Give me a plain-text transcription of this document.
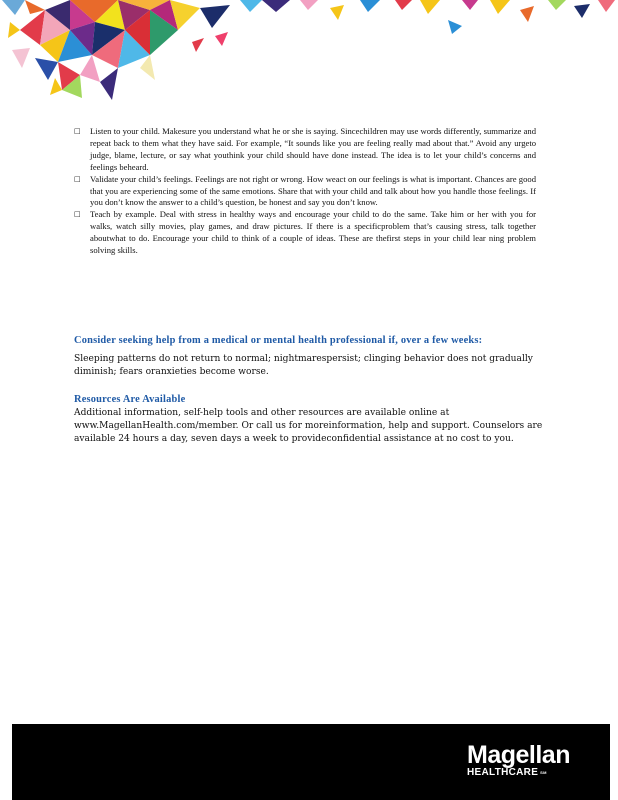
□	Listen to your child. Makesure you understand what he or she is saying. Sincechildren may use words differently, summarize and repeat back to them what they have said. For example, “It sounds like you are feeling really mad about that.” Avoid any urgeto judge, blame, lecture, or say what youthink your child should have done instead. The idea is to let your child’s concerns and feelings beheard.
□	Validate your child’s feelings. Feelings are not right or wrong. How weact on our feelings is what is important. Chances are good that you are experiencing some of the same emotions. Share that with your child and talk about how you handle those feelings. If you don’t know the answer to a child’s question, be honest and say you don’t know.
□	Teach by example. Deal with stress in healthy ways and encourage your child to do the same. Take him or her with you for walks, watch silly movies, play games, and draw pictures. If there is a specificproblem that’s causing stress, talk together aboutwhat to do. Encourage your child to think of a couple of ideas. These are thefirst steps in your child lear ning problem solving skills.
Consider seeking help from a medical or mental health professional if, over a few weeks:
Sleeping patterns do not return to normal; nightmarespersist; clinging behavior does not gradually diminish; fears oranxieties become worse.
Resources Are Available
Additional information, self-help tools and other resources are available online at www.MagellanHealth.com/member. Or call us for moreinformation, help and support. Counselors are available 24 hours a day, seven days a week to provideconfidential assistance at no cost to you.
Magellan
HEALTHCARE ℠
